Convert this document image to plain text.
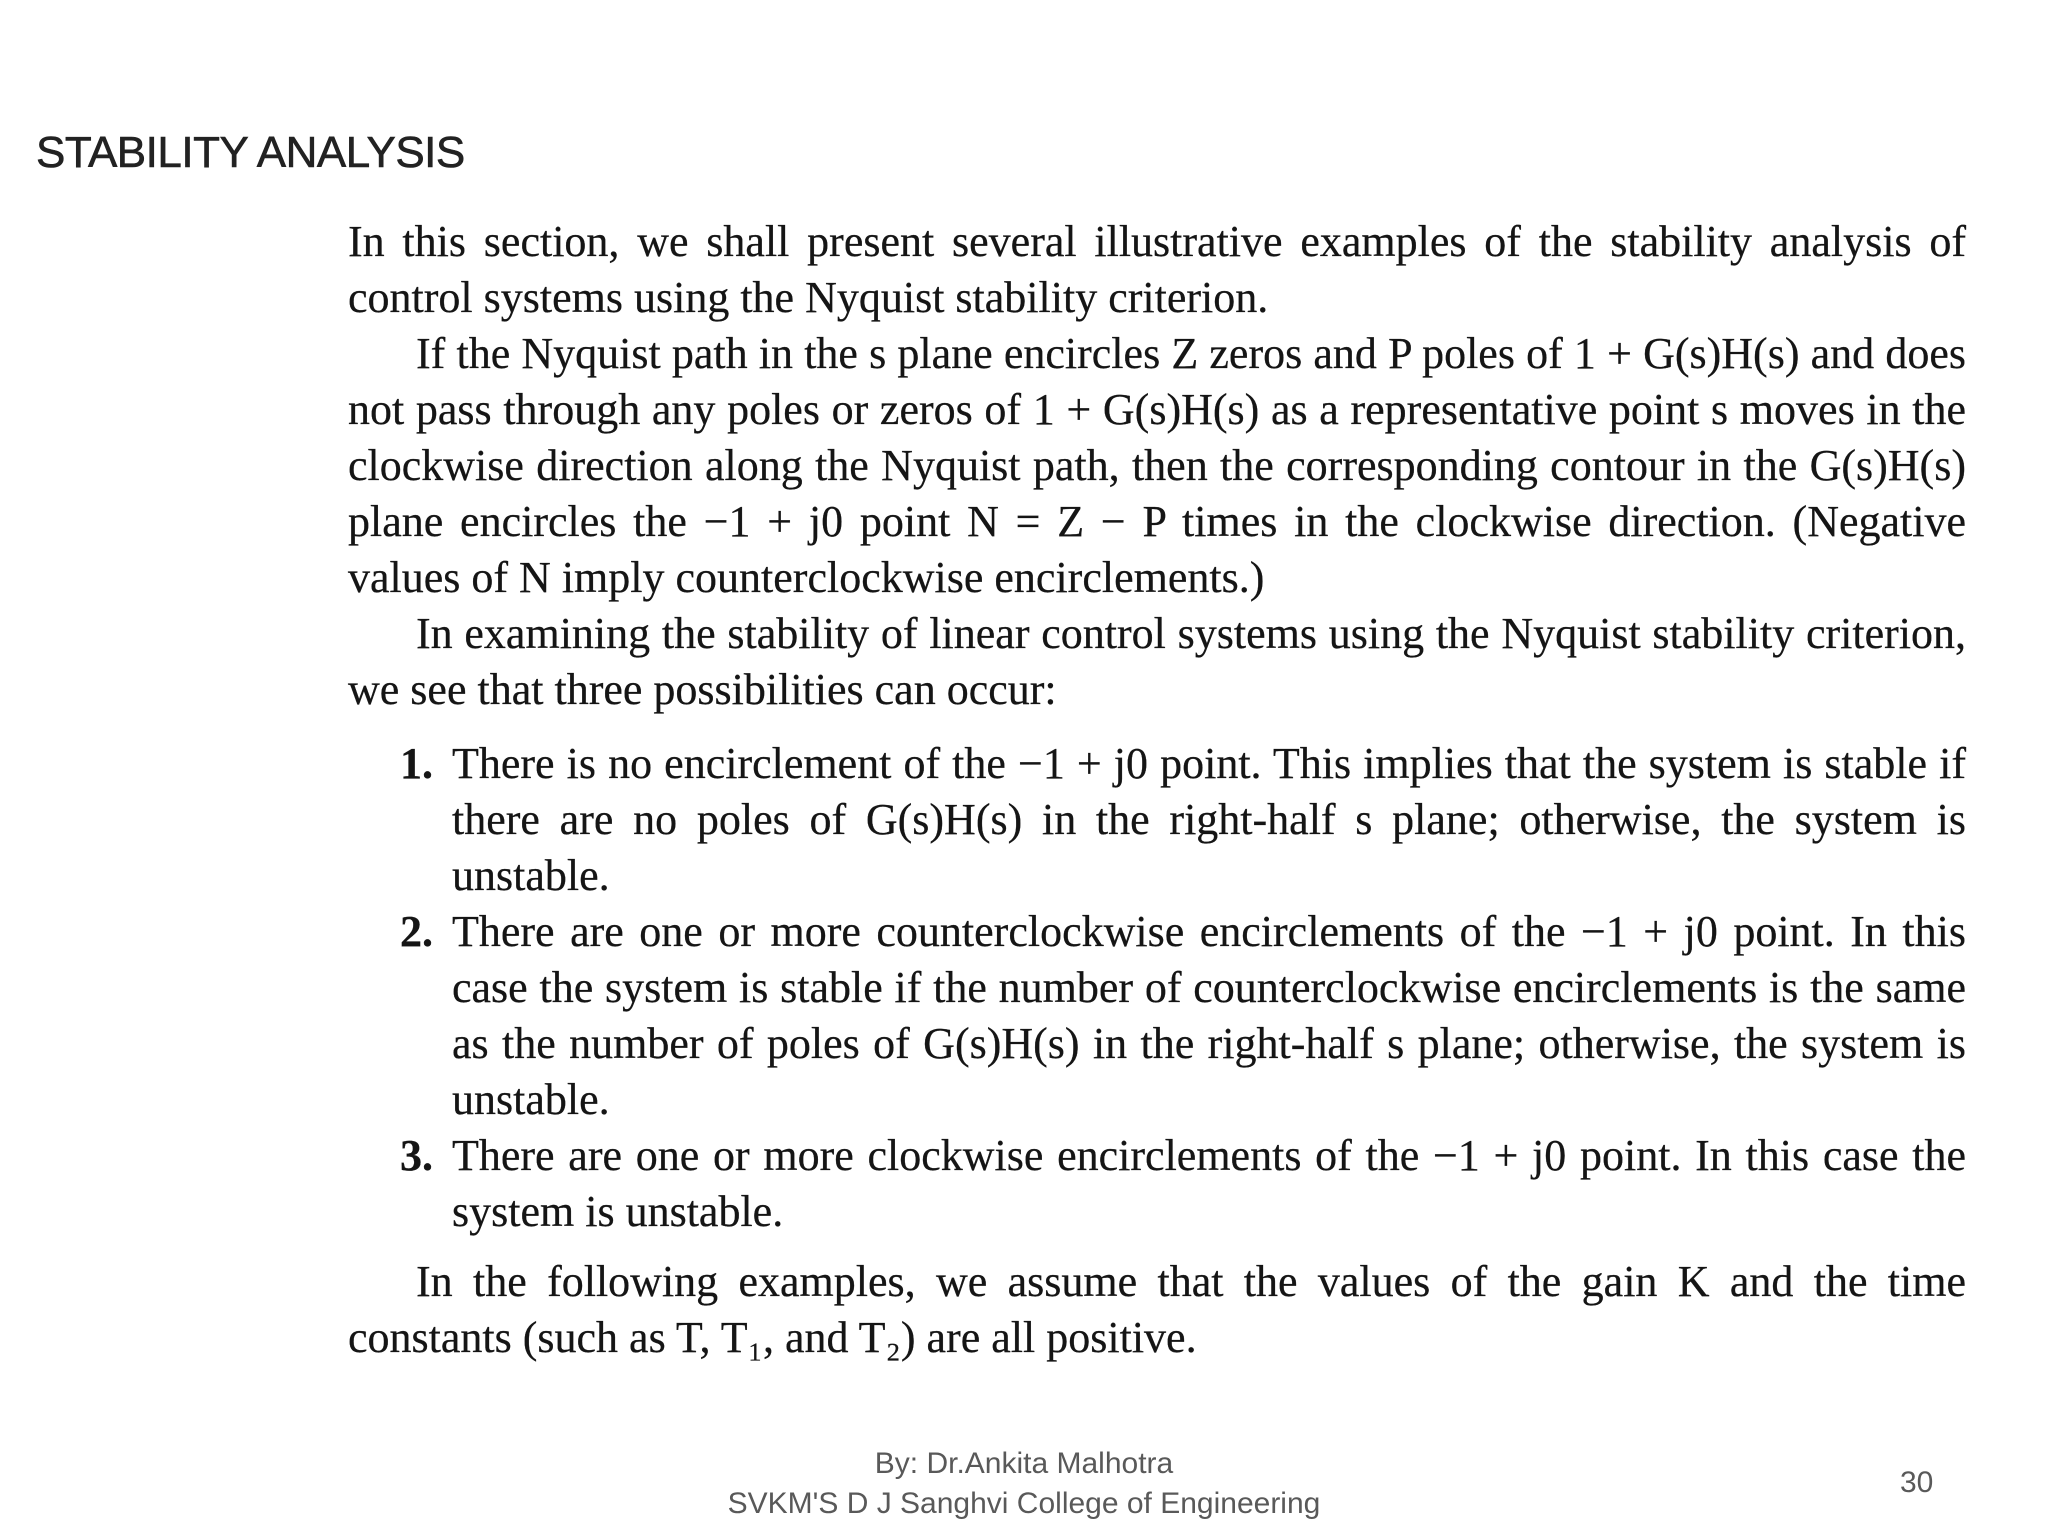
STABILITY ANALYSIS

In this section, we shall present several illustrative examples of the stability analysis of control systems using the Nyquist stability criterion.

If the Nyquist path in the s plane encircles Z zeros and P poles of 1 + G(s)H(s) and does not pass through any poles or zeros of 1 + G(s)H(s) as a representative point s moves in the clockwise direction along the Nyquist path, then the corresponding contour in the G(s)H(s) plane encircles the −1 + j0 point N = Z − P times in the clockwise direction. (Negative values of N imply counterclockwise encirclements.)

In examining the stability of linear control systems using the Nyquist stability criterion, we see that three possibilities can occur:

1. There is no encirclement of the −1 + j0 point. This implies that the system is stable if there are no poles of G(s)H(s) in the right-half s plane; otherwise, the system is unstable.
2. There are one or more counterclockwise encirclements of the −1 + j0 point. In this case the system is stable if the number of counterclockwise encirclements is the same as the number of poles of G(s)H(s) in the right-half s plane; otherwise, the system is unstable.
3. There are one or more clockwise encirclements of the −1 + j0 point. In this case the system is unstable.

In the following examples, we assume that the values of the gain K and the time constants (such as T, T₁, and T₂) are all positive.

By: Dr.Ankita Malhotra
SVKM'S D J Sanghvi College of Engineering
30
